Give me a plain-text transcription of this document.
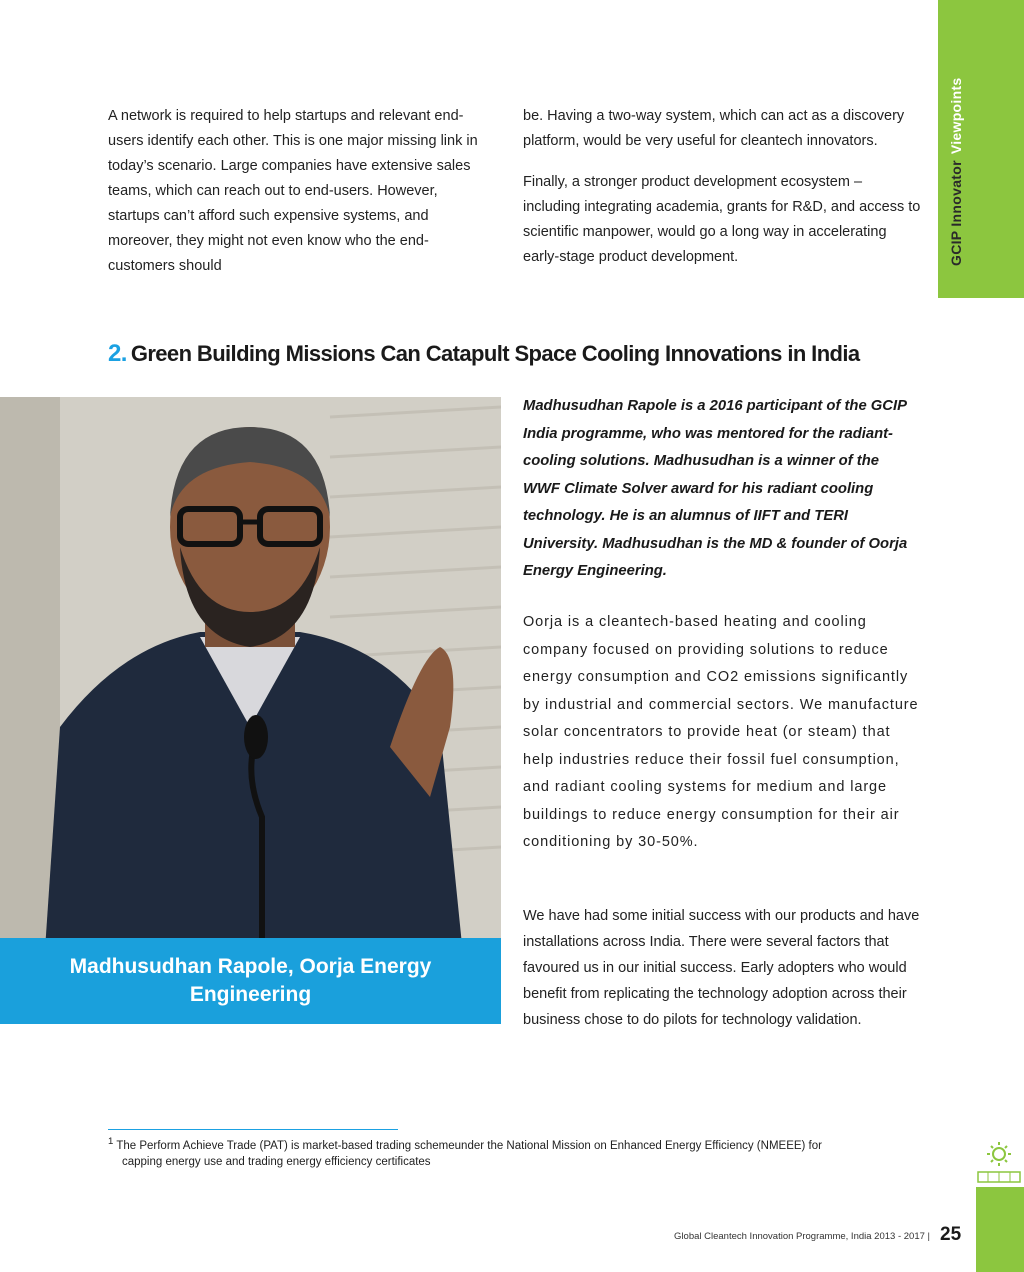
GCIP InnovatorViewpoints

A network is required to help startups and relevant end-users identify each other. This is one major missing link in today’s scenario. Large companies have extensive sales teams, which can reach out to end-users. However, startups can’t afford such expensive systems, and moreover, they might not even know who the end-customers should

be. Having a two-way system, which can act as a discovery platform, would be very useful for cleantech innovators.

Finally, a stronger product development ecosystem – including integrating academia, grants for R&D, and access to scientific manpower, would go a long way in accelerating early-stage product development.

2. Green Building Missions Can Catapult Space Cooling Innovations in India
Madhusudhan Rapole, Oorja Energy Engineering

Madhusudhan Rapole is a 2016 participant of the GCIP India programme, who was mentored for the radiant-cooling solutions. Madhusudhan is a winner of the WWF Climate Solver award for his radiant cooling technology. He is an alumnus of IIFT and TERI University. Madhusudhan is the MD & founder of Oorja Energy Engineering.

Oorja is a cleantech-based heating and cooling company focused on providing solutions to reduce energy consumption and CO2 emissions significantly by industrial and commercial sectors. We manufacture solar concentrators to provide heat (or steam) that help industries reduce their fossil fuel consumption, and radiant cooling systems for medium and large buildings to reduce energy consumption for their air conditioning by 30-50%.

We have had some initial success with our products and have installations across India. There were several factors that favoured us in our initial success. Early adopters who would benefit from replicating the technology adoption across their business chose to do pilots for technology validation.

$^1$ The Perform Achieve Trade (PAT) is market-based trading schemeunder the National Mission on Enhanced Energy Efficiency (NMEEE) for
capping energy use and trading energy efficiency certificates
Global Cleantech Innovation Programme, India 2013 - 2017 | 25
